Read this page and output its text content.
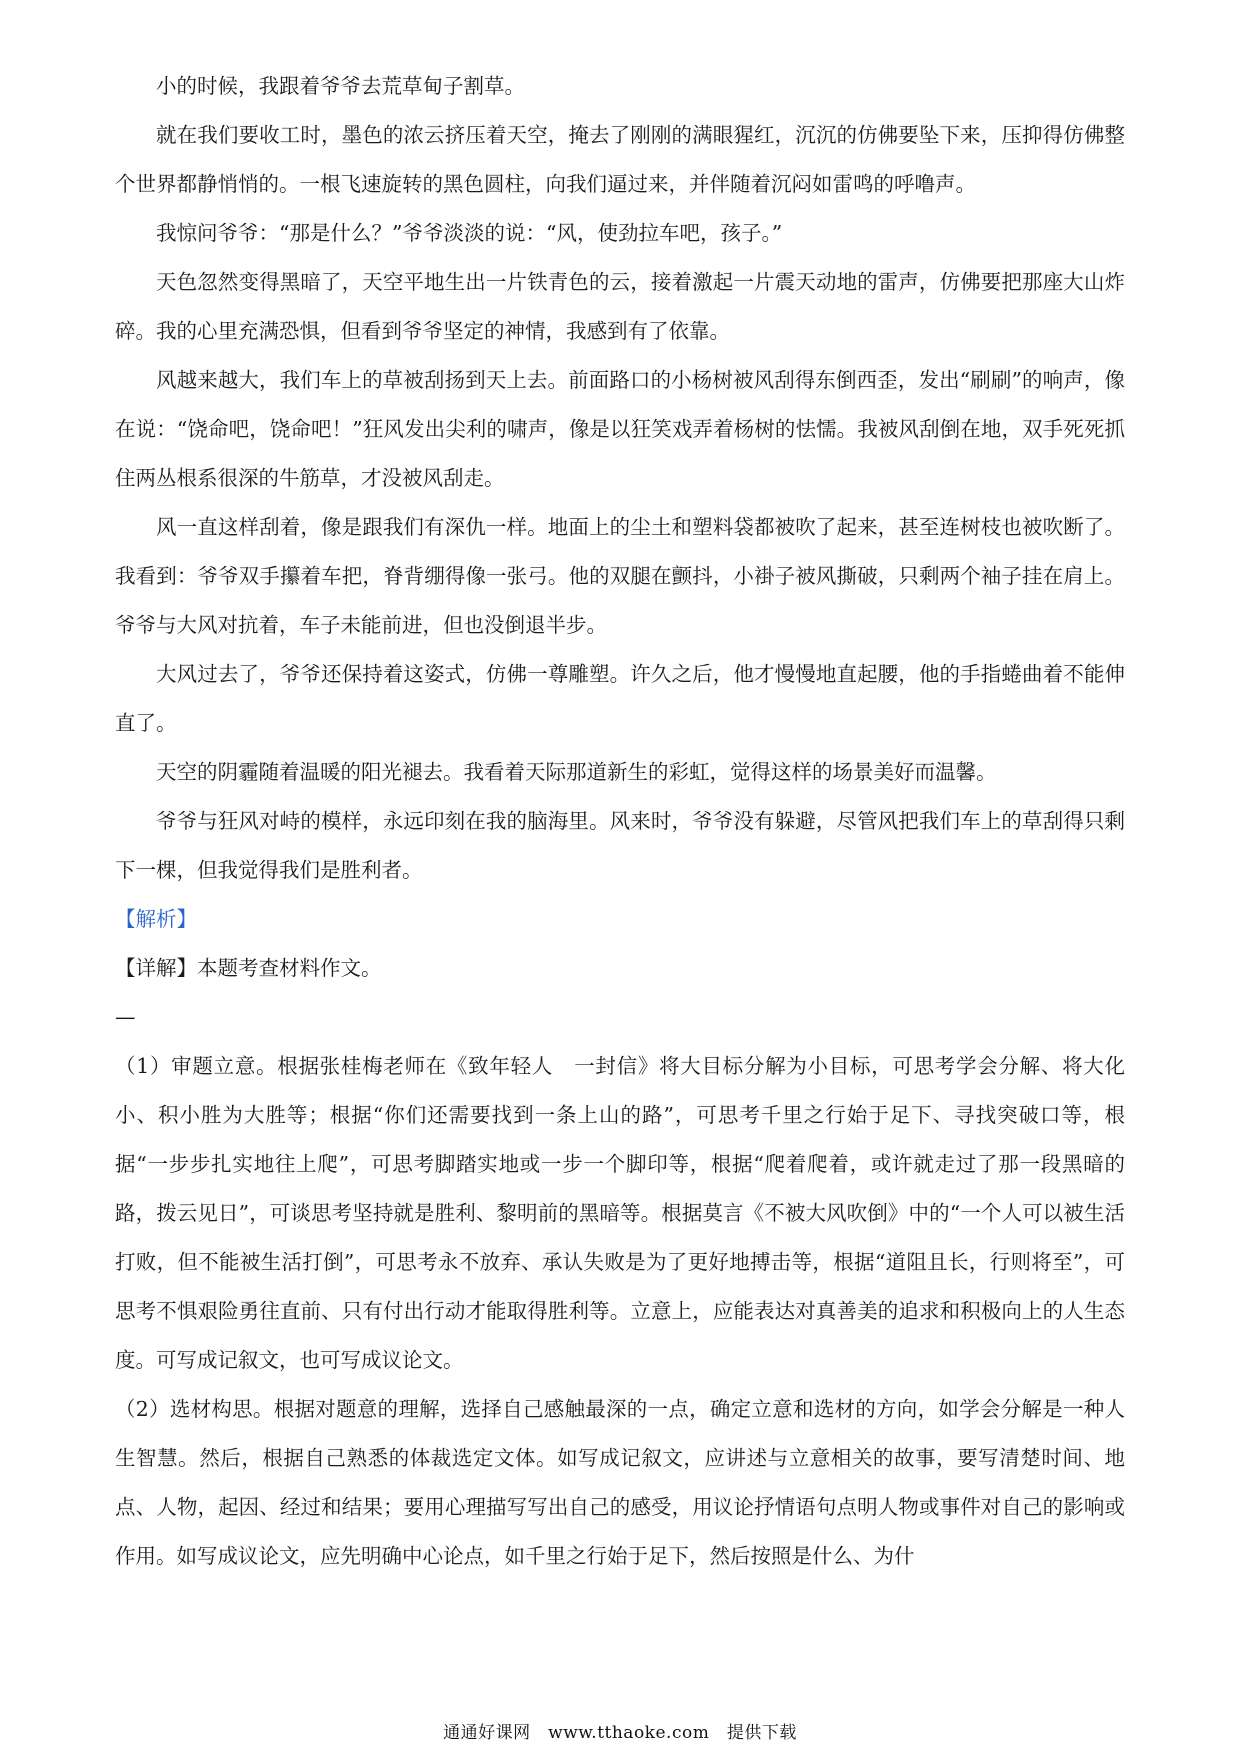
小的时候，我跟着爷爷去荒草甸子割草。

就在我们要收工时，墨色的浓云挤压着天空，掩去了刚刚的满眼猩红，沉沉的仿佛要坠下来，压抑得仿佛整个世界都静悄悄的。一根飞速旋转的黑色圆柱，向我们逼过来，并伴随着沉闷如雷鸣的呼噜声。

我惊问爷爷：“那是什么？”爷爷淡淡的说：“风，使劲拉车吧，孩子。”

天色忽然变得黑暗了，天空平地生出一片铁青色的云，接着激起一片震天动地的雷声，仿佛要把那座大山炸碎。我的心里充满恐惧，但看到爷爷坚定的神情，我感到有了依靠。

风越来越大，我们车上的草被刮扬到天上去。前面路口的小杨树被风刮得东倒西歪，发出“刷刷”的响声，像在说：“饶命吧，饶命吧！”狂风发出尖利的啸声，像是以狂笑戏弄着杨树的怯懦。我被风刮倒在地，双手死死抓住两丛根系很深的牛筋草，才没被风刮走。

风一直这样刮着，像是跟我们有深仇一样。地面上的尘土和塑料袋都被吹了起来，甚至连树枝也被吹断了。我看到：爷爷双手攥着车把，脊背绷得像一张弓。他的双腿在颤抖，小褂子被风撕破，只剩两个袖子挂在肩上。爷爷与大风对抗着，车子未能前进，但也没倒退半步。

大风过去了，爷爷还保持着这姿式，仿佛一尊雕塑。许久之后，他才慢慢地直起腰，他的手指蜷曲着不能伸直了。

天空的阴霾随着温暖的阳光褪去。我看着天际那道新生的彩虹，觉得这样的场景美好而温馨。

爷爷与狂风对峙的模样，永远印刻在我的脑海里。风来时，爷爷没有躲避，尽管风把我们车上的草刮得只剩下一棵，但我觉得我们是胜利者。

【解析】

【详解】本题考查材料作文。

—

（1）审题立意。根据张桂梅老师在《致年轻人　一封信》将大目标分解为小目标，可思考学会分解、将大化小、积小胜为大胜等；根据“你们还需要找到一条上山的路”，可思考千里之行始于足下、寻找突破口等，根据“一步步扎实地往上爬”，可思考脚踏实地或一步一个脚印等，根据“爬着爬着，或许就走过了那一段黑暗的路，拨云见日”，可谈思考坚持就是胜利、黎明前的黑暗等。根据莫言《不被大风吹倒》中的“一个人可以被生活打败，但不能被生活打倒”，可思考永不放弃、承认失败是为了更好地搏击等，根据“道阻且长，行则将至”，可思考不惧艰险勇往直前、只有付出行动才能取得胜利等。立意上，应能表达对真善美的追求和积极向上的人生态度。可写成记叙文，也可写成议论文。

（2）选材构思。根据对题意的理解，选择自己感触最深的一点，确定立意和选材的方向，如学会分解是一种人生智慧。然后，根据自己熟悉的体裁选定文体。如写成记叙文，应讲述与立意相关的故事，要写清楚时间、地点、人物，起因、经过和结果；要用心理描写写出自己的感受，用议论抒情语句点明人物或事件对自己的影响或作用。如写成议论文，应先明确中心论点，如千里之行始于足下，然后按照是什么、为什

通通好课网　www.tthaoke.com　提供下载
